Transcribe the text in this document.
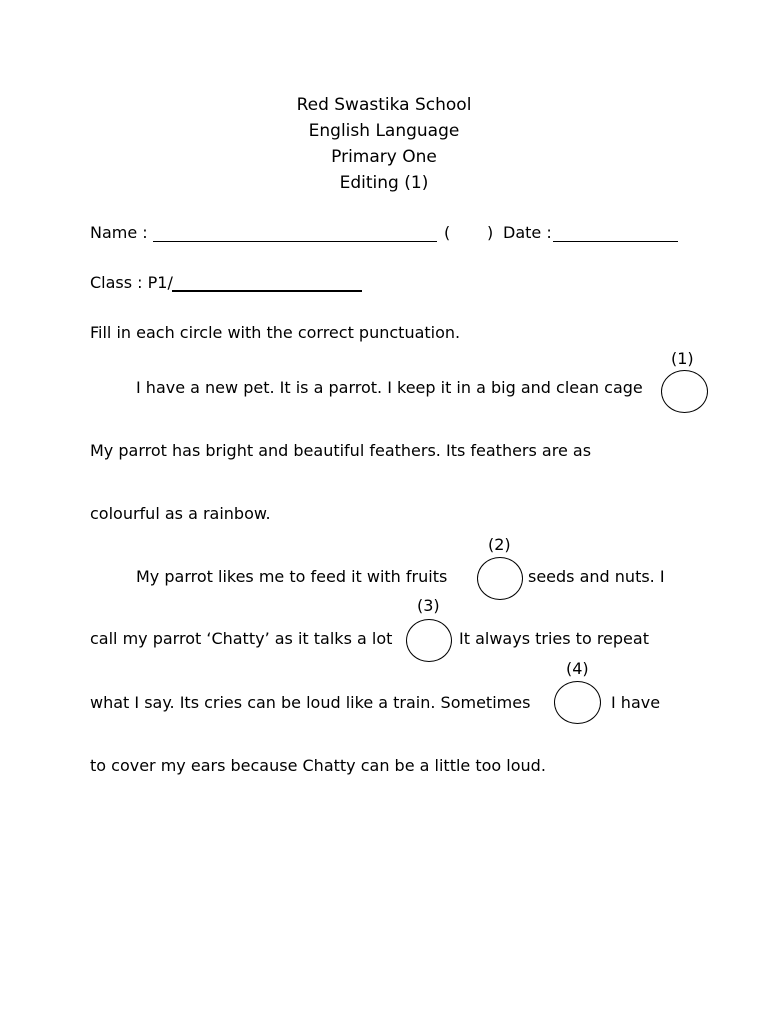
Red Swastika School
English Language
Primary One
Editing (1)
Name :	( ) Date :
Class : P1/
Fill in each circle with the correct punctuation.
(1)
I have a new pet. It is a parrot. I keep it in a big and clean cage
My parrot has bright and beautiful feathers. Its feathers are as
colourful as a rainbow.
(2)
My parrot likes me to feed it with fruits	seeds and nuts. I
(3)
call my parrot ‘Chatty’ as it talks a lot	It always tries to repeat
(4)
what I say. Its cries can be loud like a train. Sometimes	I have
to cover my ears because Chatty can be a little too loud.
